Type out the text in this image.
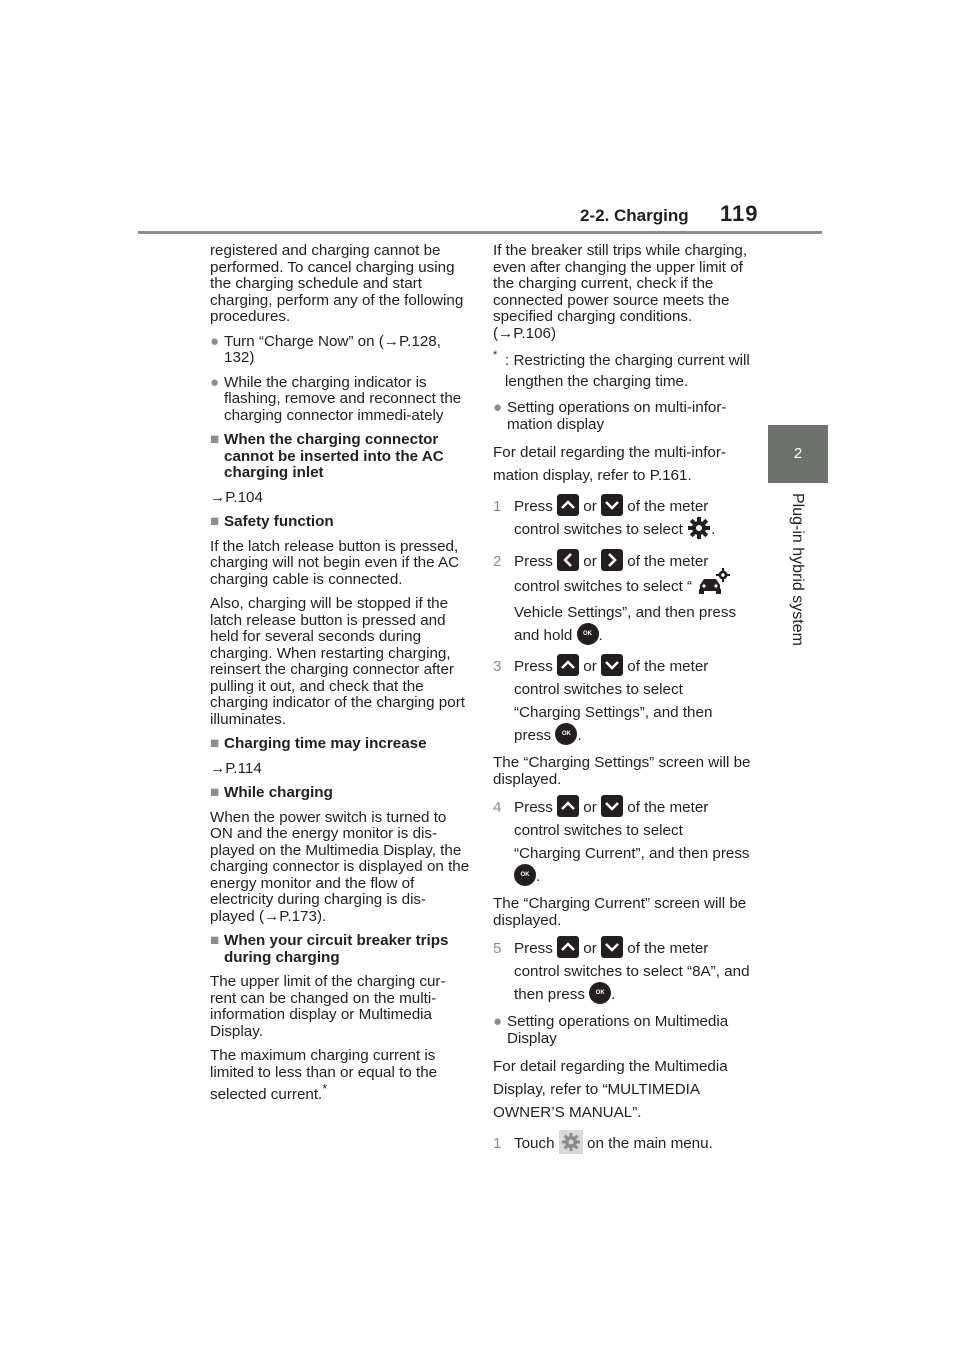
2-2. Charging 119
2
Plug-in hybrid system

registered and charging cannot be performed. To cancel charging using the charging schedule and start charging, perform any of the following procedures.

● Turn “Charge Now” on (→P.128, 132)
● While the charging indicator is flashing, remove and reconnect the charging connector immedi-ately
■ When the charging connector cannot be inserted into the AC charging inlet

→P.104

■ Safety function

If the latch release button is pressed, charging will not begin even if the AC charging cable is connected.

Also, charging will be stopped if the latch release button is pressed and held for several seconds during charging. When restarting charging, reinsert the charging connector after pulling it out, and check that the charging indicator of the charging port illuminates.

■ Charging time may increase

→P.114

■ While charging

When the power switch is turned to ON and the energy monitor is dis-played on the Multimedia Display, the charging connector is displayed on the energy monitor and the flow of electricity during charging is dis-played (→P.173).

■ When your circuit breaker trips during charging

The upper limit of the charging cur-rent can be changed on the multi-information display or Multimedia Display.

The maximum charging current is limited to less than or equal to the selected current.*

If the breaker still trips while charging, even after changing the upper limit of the charging current, check if the connected power source meets the specified charging conditions. (→P.106)

* : Restricting the charging current will lengthen the charging time.
● Setting operations on multi-infor-mation display

For detail regarding the multi-infor-mation display, refer to P.161.

1 Press or of the meter control switches to select .
2 Press or of the meter control switches to select “  Vehicle Settings”, and then press and hold OK .
3 Press or of the meter control switches to select “Charging Settings”, and then press OK .

The “Charging Settings” screen will be displayed.

4 Press or of the meter control switches to select “Charging Current”, and then press OK .

The “Charging Current” screen will be displayed.

5 Press or of the meter control switches to select “8A”, and then press OK .
● Setting operations on Multimedia Display

For detail regarding the Multimedia Display, refer to “MULTIMEDIA OWNER’S MANUAL”.

1 Touch on the main menu.
